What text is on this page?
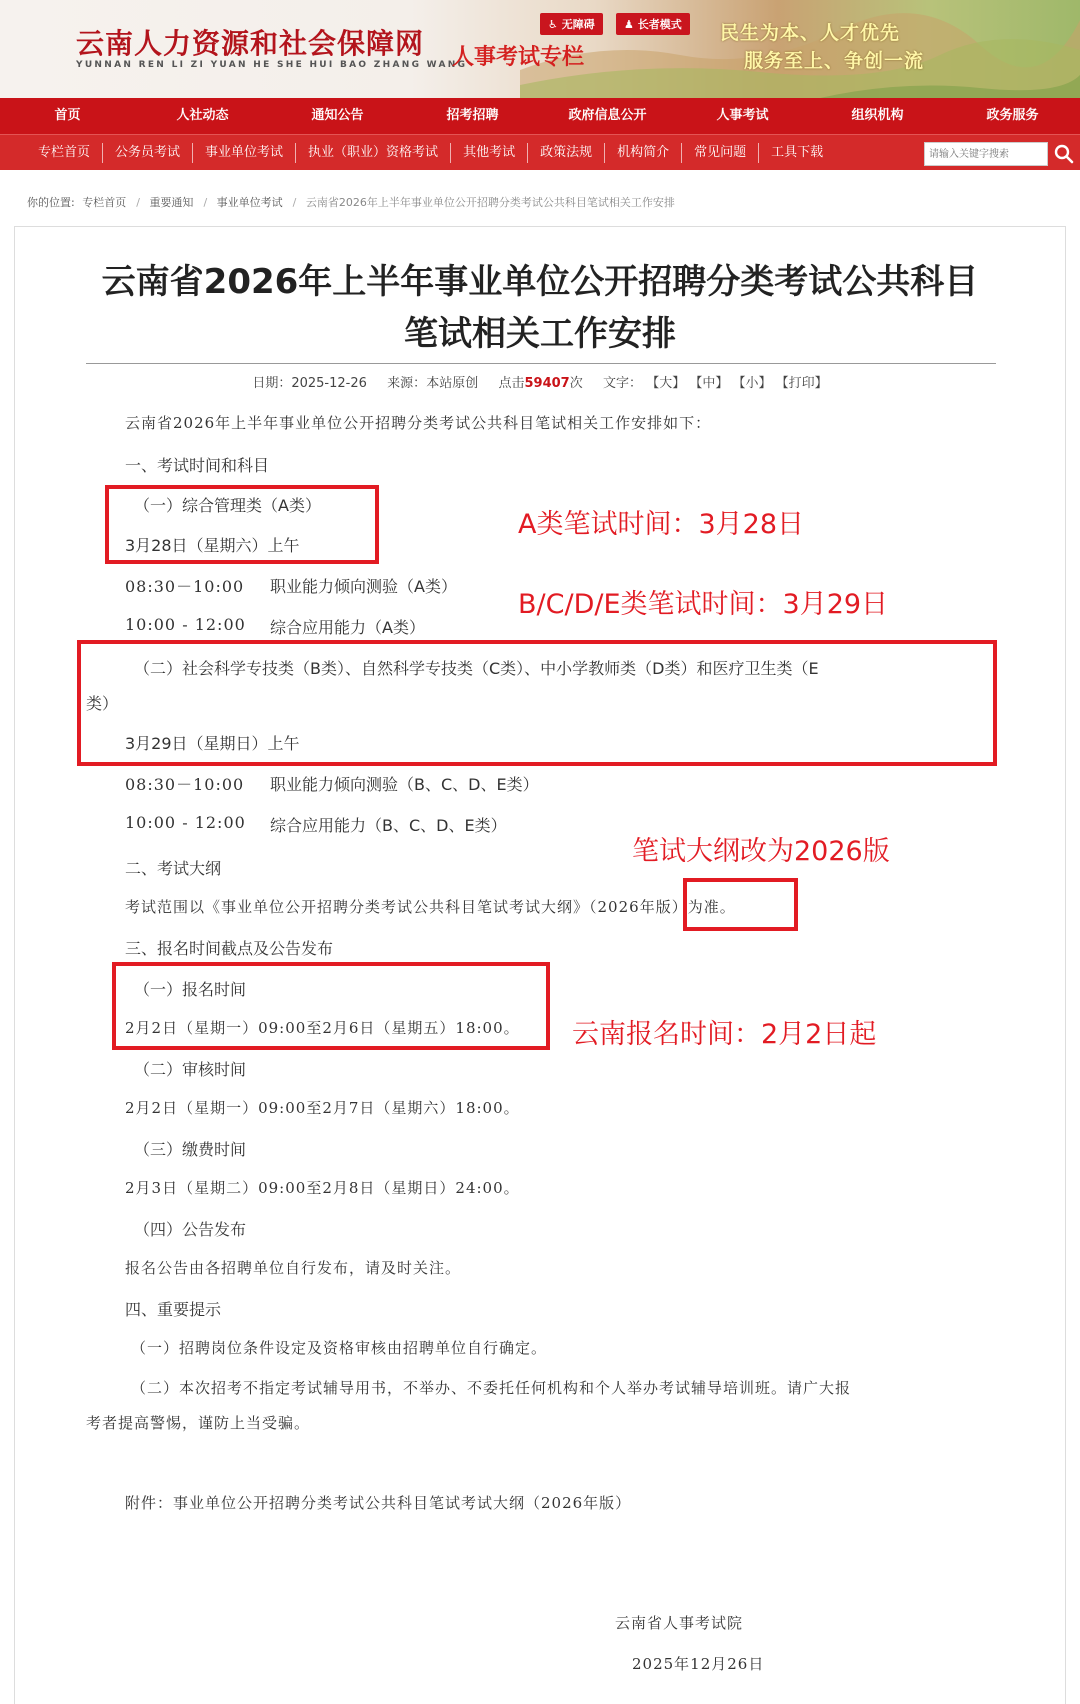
云南人力资源和社会保障网
YUNNAN REN LI ZI YUAN HE SHE HUI BAO ZHANG WANG
人事考试专栏
♿ 无障碍	♟ 长者模式	民生为本、人才优先
服务至上、争创一流
首页	人社动态	通知公告	招考招聘	政府信息公开	人事考试	组织机构	政务服务
专栏首页	公务员考试	事业单位考试	执业（职业）资格考试	其他考试	政策法规	机构简介	常见问题	工具下载
请输入关键字搜索
你的位置: 专栏首页 / 重要通知 / 事业单位考试 / 云南省2026年上半年事业单位公开招聘分类考试公共科目笔试相关工作安排
云南省2026年上半年事业单位公开招聘分类考试公共科目
笔试相关工作安排
日期：2025-12-26 来源：本站原创 点击59407次 文字： 【大】 【中】 【小】 【打印】
云南省2026年上半年事业单位公开招聘分类考试公共科目笔试相关工作安排如下：
一、考试时间和科目
（一）综合管理类（A类）
3月28日（星期六）上午
08:30－10:00 职业能力倾向测验（A类）
10:00 - 12:00 综合应用能力（A类）
（二）社会科学专技类（B类）、自然科学专技类（C类）、中小学教师类（D类）和医疗卫生类（E
类）
3月29日（星期日）上午
08:30－10:00 职业能力倾向测验（B、C、D、E类）
10:00 - 12:00 综合应用能力（B、C、D、E类）
二、考试大纲
考试范围以《事业单位公开招聘分类考试公共科目笔试考试大纲》（2026年版）为准。
三、报名时间截点及公告发布
（一）报名时间
2月2日（星期一）09:00至2月6日（星期五）18:00。
（二）审核时间
2月2日（星期一）09:00至2月7日（星期六）18:00。
（三）缴费时间
2月3日（星期二）09:00至2月8日（星期日）24:00。
（四）公告发布
报名公告由各招聘单位自行发布，请及时关注。
四、重要提示
（一）招聘岗位条件设定及资格审核由招聘单位自行确定。
（二）本次招考不指定考试辅导用书，不举办、不委托任何机构和个人举办考试辅导培训班。请广大报
考者提高警惕，谨防上当受骗。
附件：事业单位公开招聘分类考试公共科目笔试考试大纲（2026年版）
云南省人事考试院
2025年12月26日
A类笔试时间：3月28日
B/C/D/E类笔试时间：3月29日
笔试大纲改为2026版
云南报名时间：2月2日起
